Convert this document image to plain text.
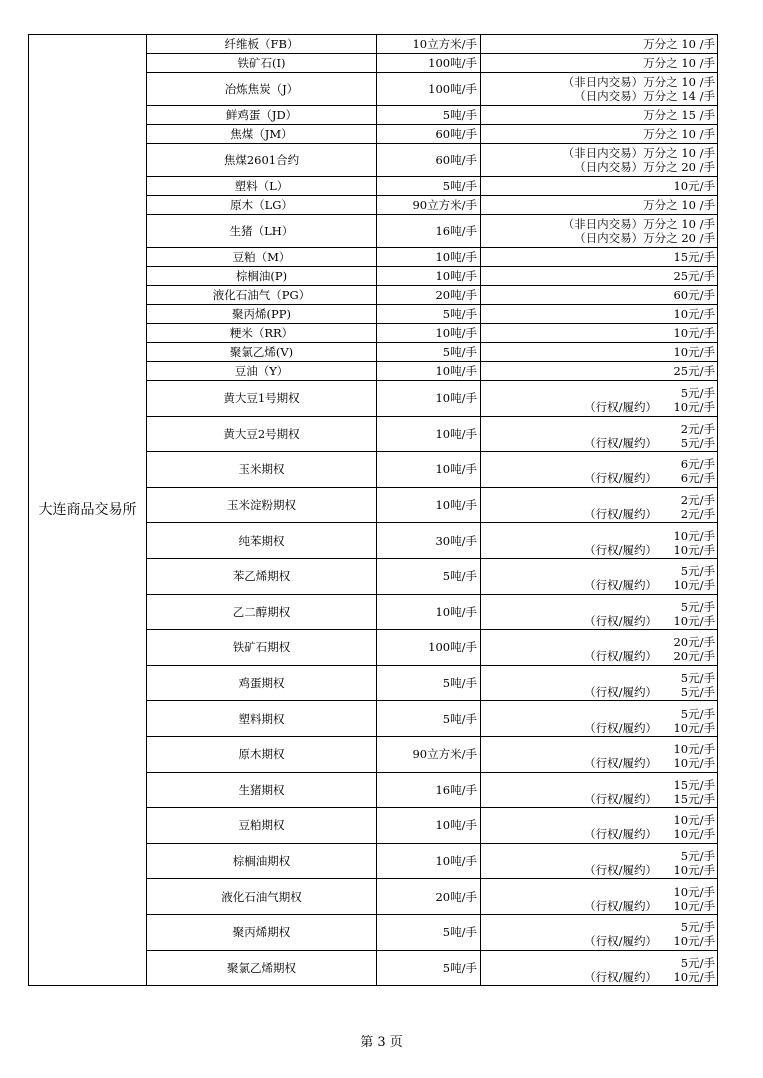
大连商品交易所	纤维板（FB）	10立方米/手	万分之 10 /手

	铁矿石(I)	100吨/手	万分之 10 /手

	冶炼焦炭（J）	100吨/手	（非日内交易）万分之 10 /手
（日内交易）万分之 14 /手

	鲜鸡蛋（JD）	5吨/手	万分之 15 /手

	焦煤（JM）	60吨/手	万分之 10 /手

	焦煤2601合约	60吨/手	（非日内交易）万分之 10 /手
（日内交易）万分之 20 /手

	塑料（L）	5吨/手	10元/手

	原木（LG）	90立方米/手	万分之 10 /手

	生猪（LH）	16吨/手	（非日内交易）万分之 10 /手
（日内交易）万分之 20 /手

	豆粕（M）	10吨/手	15元/手

	棕榈油(P)	10吨/手	25元/手

	液化石油气（PG）	20吨/手	60元/手

	聚丙烯(PP)	5吨/手	10元/手

	粳米（RR）	10吨/手	10元/手

	聚氯乙烯(V)	5吨/手	10元/手

	豆油（Y）	10吨/手	25元/手

	黄大豆1号期权	10吨/手	5元/手
（行权/履约） 10元/手

	黄大豆2号期权	10吨/手	2元/手
（行权/履约） 5元/手

	玉米期权	10吨/手	6元/手
（行权/履约） 6元/手

	玉米淀粉期权	10吨/手	2元/手
（行权/履约） 2元/手

	纯苯期权	30吨/手	10元/手
（行权/履约） 10元/手

	苯乙烯期权	5吨/手	5元/手
（行权/履约） 10元/手

	乙二醇期权	10吨/手	5元/手
（行权/履约） 10元/手

	铁矿石期权	100吨/手	20元/手
（行权/履约） 20元/手

	鸡蛋期权	5吨/手	5元/手
（行权/履约） 5元/手

	塑料期权	5吨/手	5元/手
（行权/履约） 10元/手

	原木期权	90立方米/手	10元/手
（行权/履约） 10元/手

	生猪期权	16吨/手	15元/手
（行权/履约） 15元/手

	豆粕期权	10吨/手	10元/手
（行权/履约） 10元/手

	棕榈油期权	10吨/手	5元/手
（行权/履约） 10元/手

	液化石油气期权	20吨/手	10元/手
（行权/履约） 10元/手

	聚丙烯期权	5吨/手	5元/手
（行权/履约） 10元/手

	聚氯乙烯期权	5吨/手	5元/手
（行权/履约） 10元/手
第 3 页
